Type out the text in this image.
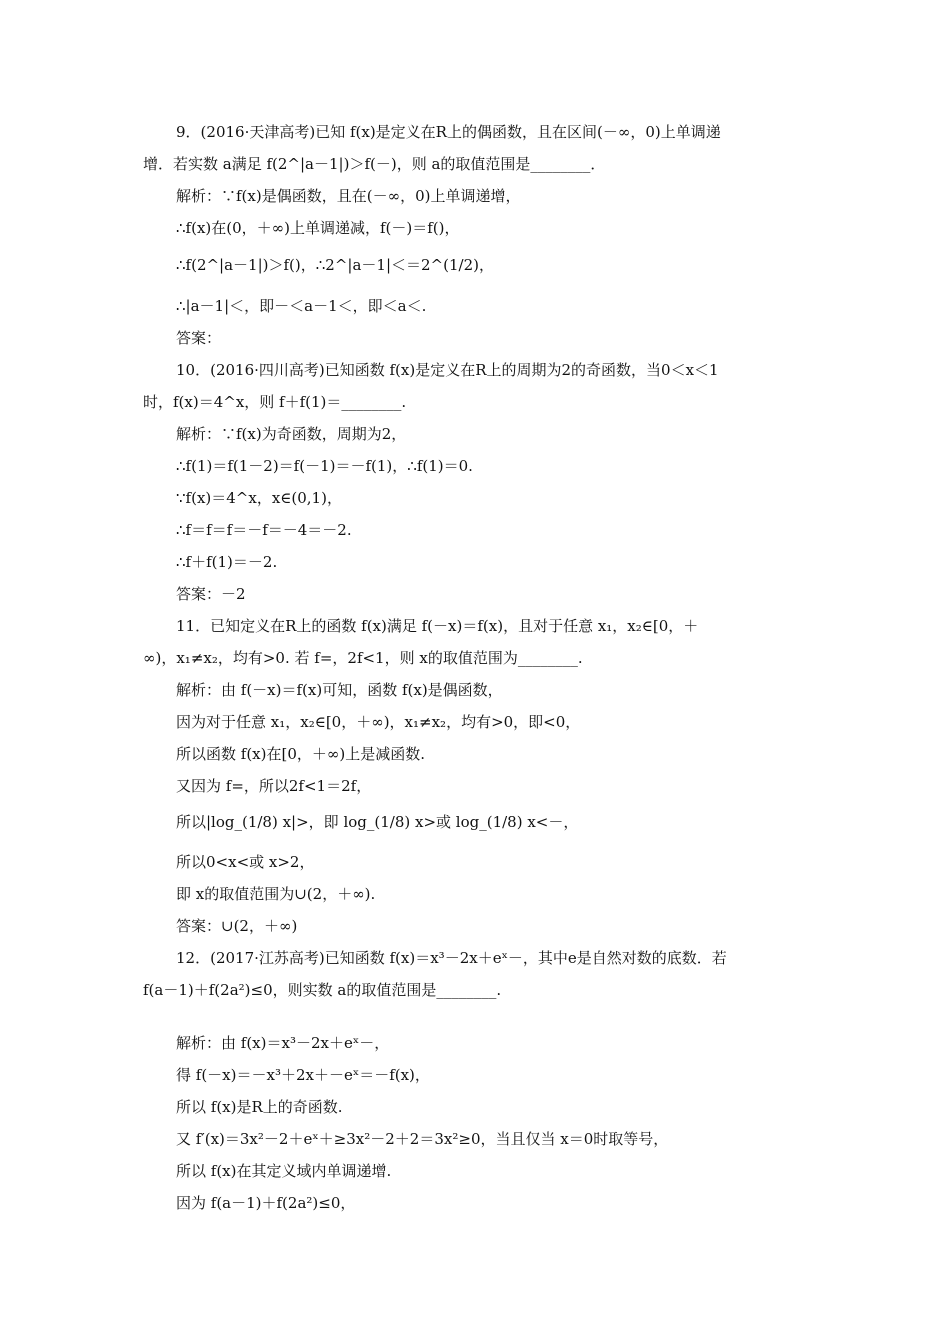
9．(2016·天津高考)已知 f(x)是定义在R上的偶函数，且在区间(－∞，0)上单调递
增．若实数 a满足 f(2^|a－1|)＞f(－)，则 a的取值范围是________．
解析：∵f(x)是偶函数，且在(－∞，0)上单调递增，
∴f(x)在(0，＋∞)上单调递减，f(－)＝f()，
∴f(2^|a－1|)＞f()，∴2^|a－1|＜＝2^(1/2)，
∴|a－1|＜，即－＜a－1＜，即＜a＜.
答案：
10．(2016·四川高考)已知函数 f(x)是定义在R上的周期为2的奇函数，当0＜x＜1
时，f(x)＝4^x，则 f＋f(1)＝________.
解析：∵f(x)为奇函数，周期为2，
∴f(1)＝f(1－2)＝f(－1)＝－f(1)，∴f(1)＝0.
∵f(x)＝4^x，x∈(0,1)，
∴f＝f＝f＝－f＝－4＝－2.
∴f＋f(1)＝－2.
答案：－2
11．已知定义在R上的函数 f(x)满足 f(－x)＝f(x)，且对于任意 x₁，x₂∈[0，＋
∞)，x₁≠x₂，均有>0. 若 f=，2f<1，则 x的取值范围为________.
解析：由 f(－x)＝f(x)可知，函数 f(x)是偶函数，
因为对于任意 x₁，x₂∈[0，＋∞)，x₁≠x₂，均有>0，即<0，
所以函数 f(x)在[0，＋∞)上是减函数.
又因为 f=，所以2f<1＝2f，
所以|log_(1/8) x|>，即 log_(1/8) x>或 log_(1/8) x<－，
所以0<x<或 x>2，
即 x的取值范围为∪(2，＋∞).
答案：∪(2，＋∞)
12．(2017·江苏高考)已知函数 f(x)＝x³－2x＋eˣ－，其中e是自然对数的底数．若
f(a－1)＋f(2a²)≤0，则实数 a的取值范围是________.
解析：由 f(x)＝x³－2x＋eˣ－，
得 f(－x)＝－x³＋2x＋－eˣ＝－f(x)，
所以 f(x)是R上的奇函数.
又 f′(x)＝3x²－2＋eˣ＋≥3x²－2＋2＝3x²≥0，当且仅当 x＝0时取等号，
所以 f(x)在其定义域内单调递增.
因为 f(a－1)＋f(2a²)≤0，
